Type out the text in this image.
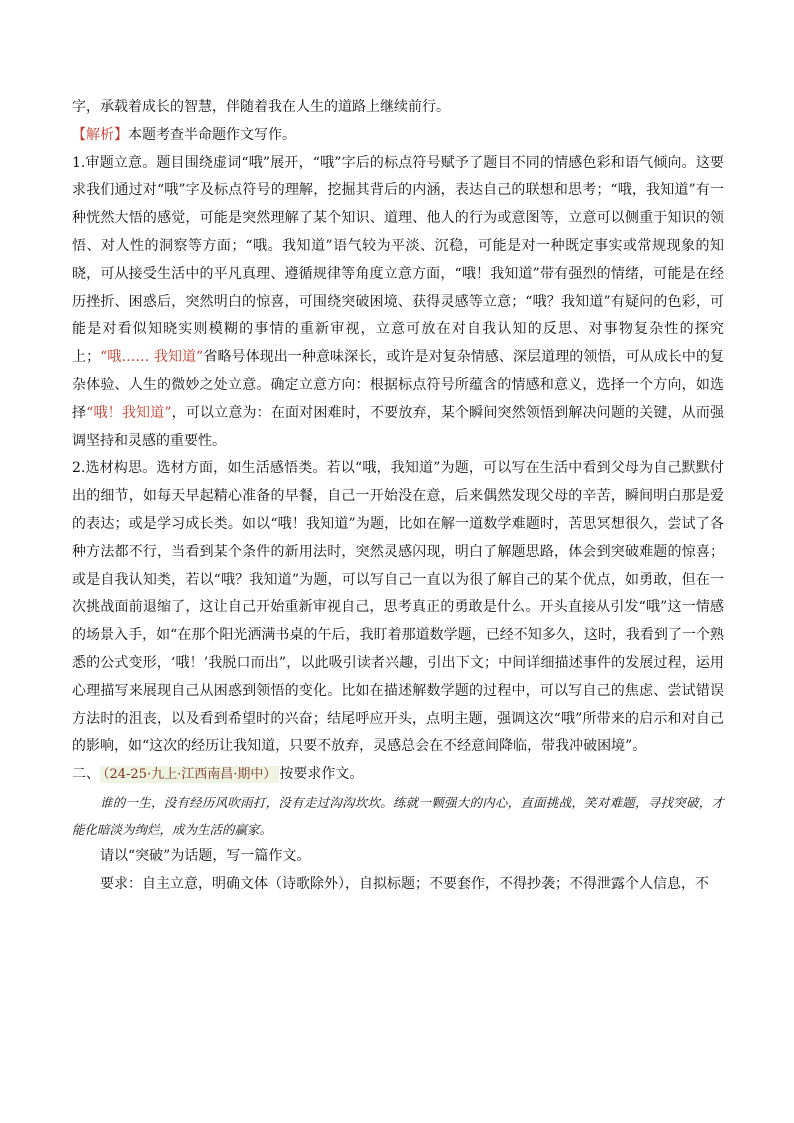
字，承载着成长的智慧，伴随着我在人生的道路上继续前行。

【解析】本题考查半命题作文写作。

1.审题立意。题目围绕虚词“哦”展开，“哦”字后的标点符号赋予了题目不同的情感色彩和语气倾向。这要求我们通过对“哦”字及标点符号的理解，挖掘其背后的内涵，表达自己的联想和思考；“哦，我知道”有一种恍然大悟的感觉，可能是突然理解了某个知识、道理、他人的行为或意图等，立意可以侧重于知识的领悟、对人性的洞察等方面；“哦。我知道”语气较为平淡、沉稳，可能是对一种既定事实或常规现象的知晓，可从接受生活中的平凡真理、遵循规律等角度立意方面，“哦！我知道”带有强烈的情绪，可能是在经历挫折、困惑后，突然明白的惊喜，可围绕突破困境、获得灵感等立意；“哦？我知道”有疑问的色彩，可能是对看似知晓实则模糊的事情的重新审视，立意可放在对自我认知的反思、对事物复杂性的探究上；“哦…… 我知道”省略号体现出一种意味深长，或许是对复杂情感、深层道理的领悟，可从成长中的复杂体验、人生的微妙之处立意。确定立意方向：根据标点符号所蕴含的情感和意义，选择一个方向，如选择“哦！我知道”，可以立意为：在面对困难时，不要放弃，某个瞬间突然领悟到解决问题的关键，从而强调坚持和灵感的重要性。

2.选材构思。选材方面，如生活感悟类。若以“哦，我知道”为题，可以写在生活中看到父母为自己默默付出的细节，如每天早起精心准备的早餐，自己一开始没在意，后来偶然发现父母的辛苦，瞬间明白那是爱的表达；或是学习成长类。如以“哦！我知道”为题，比如在解一道数学难题时，苦思冥想很久，尝试了各种方法都不行，当看到某个条件的新用法时，突然灵感闪现，明白了解题思路，体会到突破难题的惊喜；或是自我认知类，若以“哦？我知道”为题，可以写自己一直以为很了解自己的某个优点，如勇敢，但在一次挑战面前退缩了，这让自己开始重新审视自己，思考真正的勇敢是什么。开头直接从引发“哦”这一情感的场景入手，如“在那个阳光洒满书桌的午后，我盯着那道数学题，已经不知多久，这时，我看到了一个熟悉的公式变形，‘哦！’我脱口而出”，以此吸引读者兴趣，引出下文；中间详细描述事件的发展过程，运用心理描写来展现自己从困惑到领悟的变化。比如在描述解数学题的过程中，可以写自己的焦虑、尝试错误方法时的沮丧，以及看到希望时的兴奋；结尾呼应开头，点明主题，强调这次“哦”所带来的启示和对自己的影响，如“这次的经历让我知道，只要不放弃，灵感总会在不经意间降临，带我冲破困境”。

二、 （24-25·九上·江西南昌·期中） 按要求作文。

谁的一生，没有经历风吹雨打，没有走过沟沟坎坎。练就一颗强大的内心，直面挑战，笑对难题，寻找突破，才能化暗淡为绚烂，成为生活的赢家。

请以“突破”为话题，写一篇作文。

要求：自主立意，明确文体（诗歌除外），自拟标题；不要套作，不得抄袭；不得泄露个人信息，不
